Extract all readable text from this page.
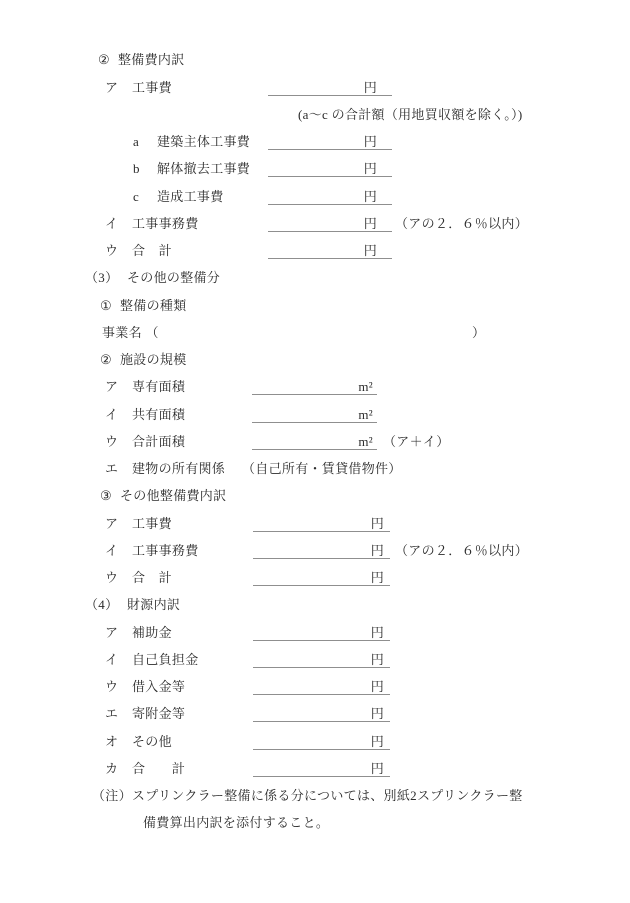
② 整備費内訳
ア 工事費	円
(a〜c の合計額（用地買収額を除く。）)
a 建築主体工事費	円
b 解体撤去工事費	円
c 造成工事費	円
イ 工事事務費	円	（アの２．６％以内）
ウ 合　計	円
（3） その他の整備分
① 整備の種類
事業名 （	）
② 施設の規模
ア 専有面積	m²
イ 共有面積	m²
ウ 合計面積	m² （ア＋イ）
エ 建物の所有関係 （自己所有・賃貸借物件）
③ その他整備費内訳
ア 工事費	円
イ 工事事務費	円 （アの２．６％以内）
ウ 合　計	円
（4） 財源内訳
ア 補助金	円
イ 自己負担金	円
ウ 借入金等	円
エ 寄附金等	円
オ その他	円
カ 合　　計	円
（注）スプリンクラー整備に係る分については、別紙2スプリンクラー整
備費算出内訳を添付すること。
